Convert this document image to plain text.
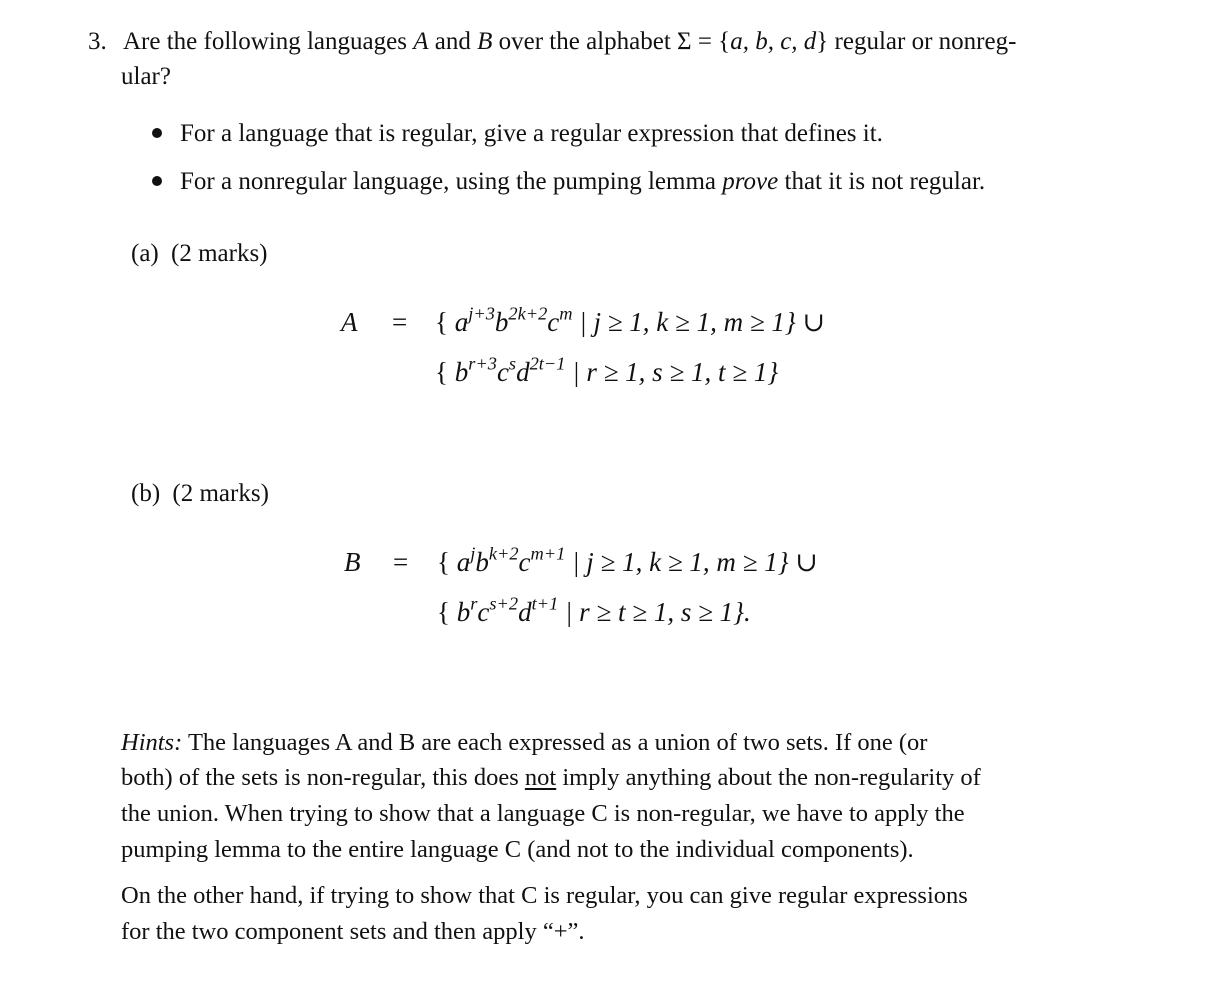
3. Are the following languages A and B over the alphabet Σ = {a, b, c, d} regular or nonreg-
ular?
For a language that is regular, give a regular expression that defines it.
For a nonregular language, using the pumping lemma prove that it is not regular.
(a) (2 marks)
A = { $a^{j+3}b^{2k+2}c^m$ | j ≥ 1, k ≥ 1, m ≥ 1} ∪
{ $b^{r+3}c^sd^{2t-1}$ | r ≥ 1, s ≥ 1, t ≥ 1}
(b) (2 marks)
B = { $a^jb^{k+2}c^{m+1}$ | j ≥ 1, k ≥ 1, m ≥ 1} ∪
{ $b^rc^{s+2}d^{t+1}$ | r ≥ t ≥ 1, s ≥ 1}.
Hints: The languages A and B are each expressed as a union of two sets. If one (or
both) of the sets is non-regular, this does not imply anything about the non-regularity of
the union. When trying to show that a language C is non-regular, we have to apply the
pumping lemma to the entire language C (and not to the individual components).
On the other hand, if trying to show that C is regular, you can give regular expressions
for the two component sets and then apply “+”.
